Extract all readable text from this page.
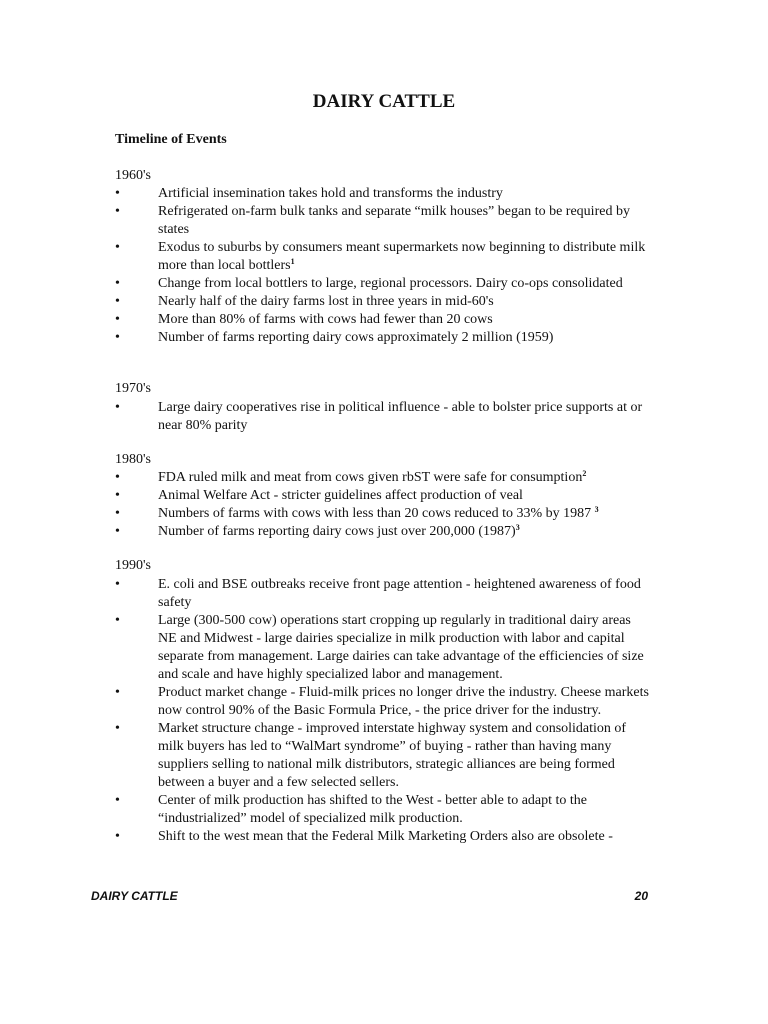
DAIRY CATTLE
Timeline of Events
1960's
• Artificial insemination takes hold and transforms the industry
• Refrigerated on-farm bulk tanks and separate “milk houses” began to be required by states
• Exodus to suburbs by consumers meant supermarkets now beginning to distribute milk more than local bottlers$^1$
• Change from local bottlers to large, regional processors. Dairy co-ops consolidated
• Nearly half of the dairy farms lost in three years in mid-60's
• More than 80% of farms with cows had fewer than 20 cows
• Number of farms reporting dairy cows approximately 2 million (1959)
1970's
• Large dairy cooperatives rise in political influence - able to bolster price supports at or near 80% parity
1980's
• FDA ruled milk and meat from cows given rbST were safe for consumption$^2$
• Animal Welfare Act - stricter guidelines affect production of veal
• Numbers of farms with cows with less than 20 cows reduced to 33% by 1987 $^3$
• Number of farms reporting dairy cows just over 200,000 $(1987)^3$
1990's
• E. coli and BSE outbreaks receive front page attention - heightened awareness of food safety
• Large (300-500 cow) operations start cropping up regularly in traditional dairy areas NE and Midwest - large dairies specialize in milk production with labor and capital separate from management. Large dairies can take advantage of the efficiencies of size and scale and have highly specialized labor and management.
• Product market change - Fluid-milk prices no longer drive the industry. Cheese markets now control 90% of the Basic Formula Price, - the price driver for the industry.
• Market structure change - improved interstate highway system and consolidation of milk buyers has led to “WalMart syndrome” of buying - rather than having many suppliers selling to national milk distributors, strategic alliances are being formed between a buyer and a few selected sellers.
• Center of milk production has shifted to the West - better able to adapt to the “industrialized” model of specialized milk production.
• Shift to the west mean that the Federal Milk Marketing Orders also are obsolete -
DAIRY CATTLE	20
